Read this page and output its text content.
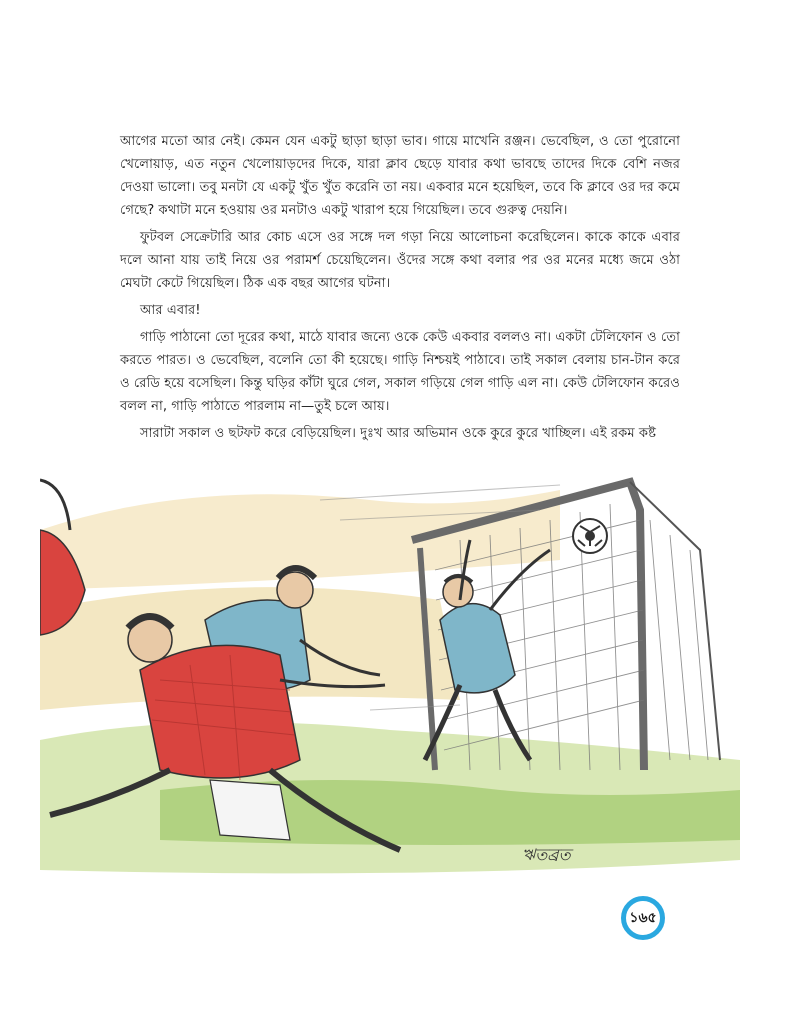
আগের মতো আর নেই। কেমন যেন একটু ছাড়া ছাড়া ভাব। গায়ে মাখেনি রঞ্জন। ভেবেছিল, ও তো পুরোনো খেলোয়াড়, এত নতুন খেলোয়াড়দের দিকে, যারা ক্লাব ছেড়ে যাবার কথা ভাবছে তাদের দিকে বেশি নজর দেওয়া ভালো। তবু মনটা যে একটু খুঁত খুঁত করেনি তা নয়। একবার মনে হয়েছিল, তবে কি ক্লাবে ওর দর কমে গেছে? কথাটা মনে হওয়ায় ওর মনটাও একটু খারাপ হয়ে গিয়েছিল। তবে গুরুত্ব দেয়নি।

ফুটবল সেক্রেটারি আর কোচ এসে ওর সঙ্গে দল গড়া নিয়ে আলোচনা করেছিলেন। কাকে কাকে এবার দলে আনা যায় তাই নিয়ে ওর পরামর্শ চেয়েছিলেন। ওঁদের সঙ্গে কথা বলার পর ওর মনের মধ্যে জমে ওঠা মেঘটা কেটে গিয়েছিল। ঠিক এক বছর আগের ঘটনা।

আর এবার!

গাড়ি পাঠানো তো দূরের কথা, মাঠে যাবার জন্যে ওকে কেউ একবার বললও না। একটা টেলিফোন ও তো করতে পারত। ও ভেবেছিল, বলেনি তো কী হয়েছে। গাড়ি নিশ্চয়ই পাঠাবে। তাই সকাল বেলায় চান-টান করে ও রেডি হয়ে বসেছিল। কিন্তু ঘড়ির কাঁটা ঘুরে গেল, সকাল গড়িয়ে গেল গাড়ি এল না। কেউ টেলিফোন করেও বলল না, গাড়ি পাঠাতে পারলাম না—তুই চলে আয়।

সারাটা সকাল ও ছটফট করে বেড়িয়েছিল। দুঃখ আর অভিমান ওকে কুরে কুরে খাচ্ছিল। এই রকম কষ্ট

ঋতব্রত
১৬৫
